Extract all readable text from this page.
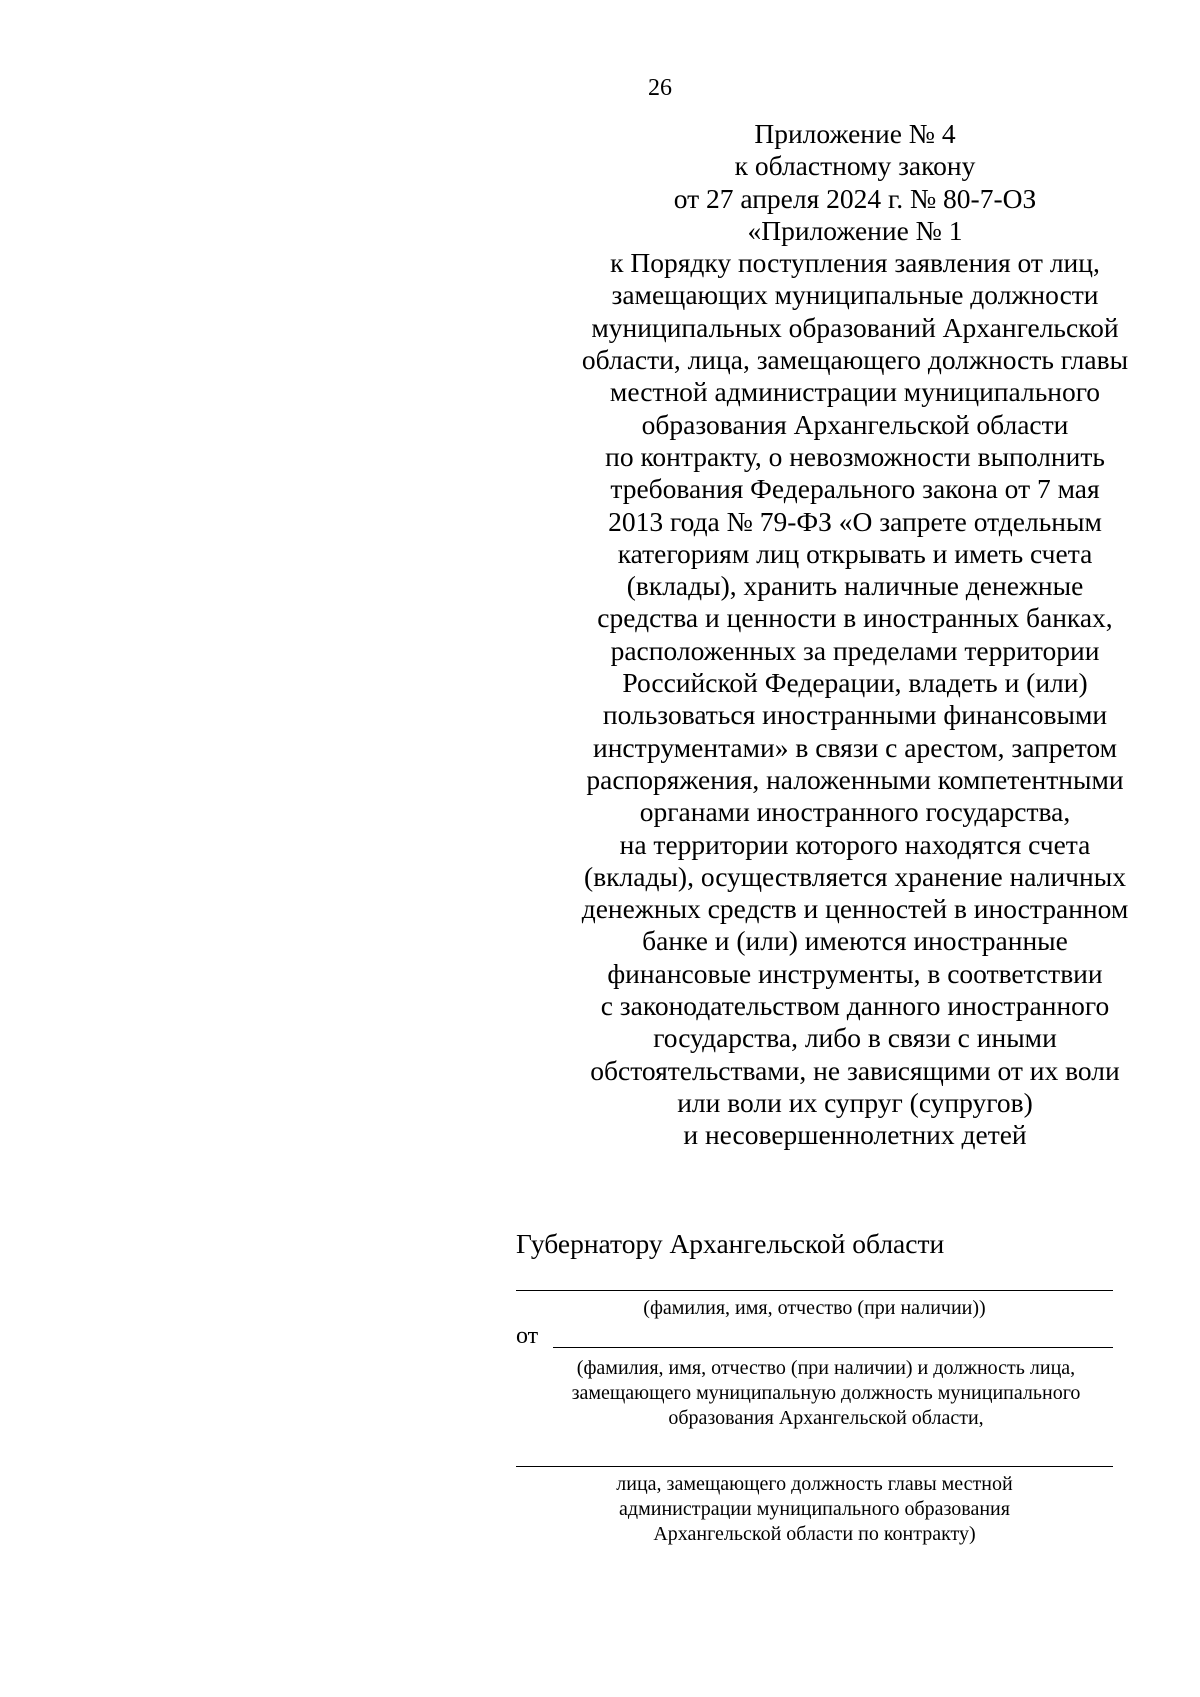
26
Приложение № 4
к областному закону
от 27 апреля 2024 г. № 80-7-ОЗ
«Приложение № 1
к Порядку поступления заявления от лиц,
замещающих муниципальные должности
муниципальных образований Архангельской
области, лица, замещающего должность главы
местной администрации муниципального
образования Архангельской области
по контракту, о невозможности выполнить
требования Федерального закона от 7 мая
2013 года № 79-ФЗ «О запрете отдельным
категориям лиц открывать и иметь счета
(вклады), хранить наличные денежные
средства и ценности в иностранных банках,
расположенных за пределами территории
Российской Федерации, владеть и (или)
пользоваться иностранными финансовыми
инструментами» в связи с арестом, запретом
распоряжения, наложенными компетентными
органами иностранного государства,
на территории которого находятся счета
(вклады), осуществляется хранение наличных
денежных средств и ценностей в иностранном
банке и (или) имеются иностранные
финансовые инструменты, в соответствии
с законодательством данного иностранного
государства, либо в связи с иными
обстоятельствами, не зависящими от их воли
или воли их супруг (супругов)
и несовершеннолетних детей
Губернатору Архангельской области
(фамилия, имя, отчество (при наличии))
от
(фамилия, имя, отчество (при наличии) и должность лица,
замещающего муниципальную должность муниципального
образования Архангельской области,
лица, замещающего должность главы местной
администрации муниципального образования
Архангельской области по контракту)
